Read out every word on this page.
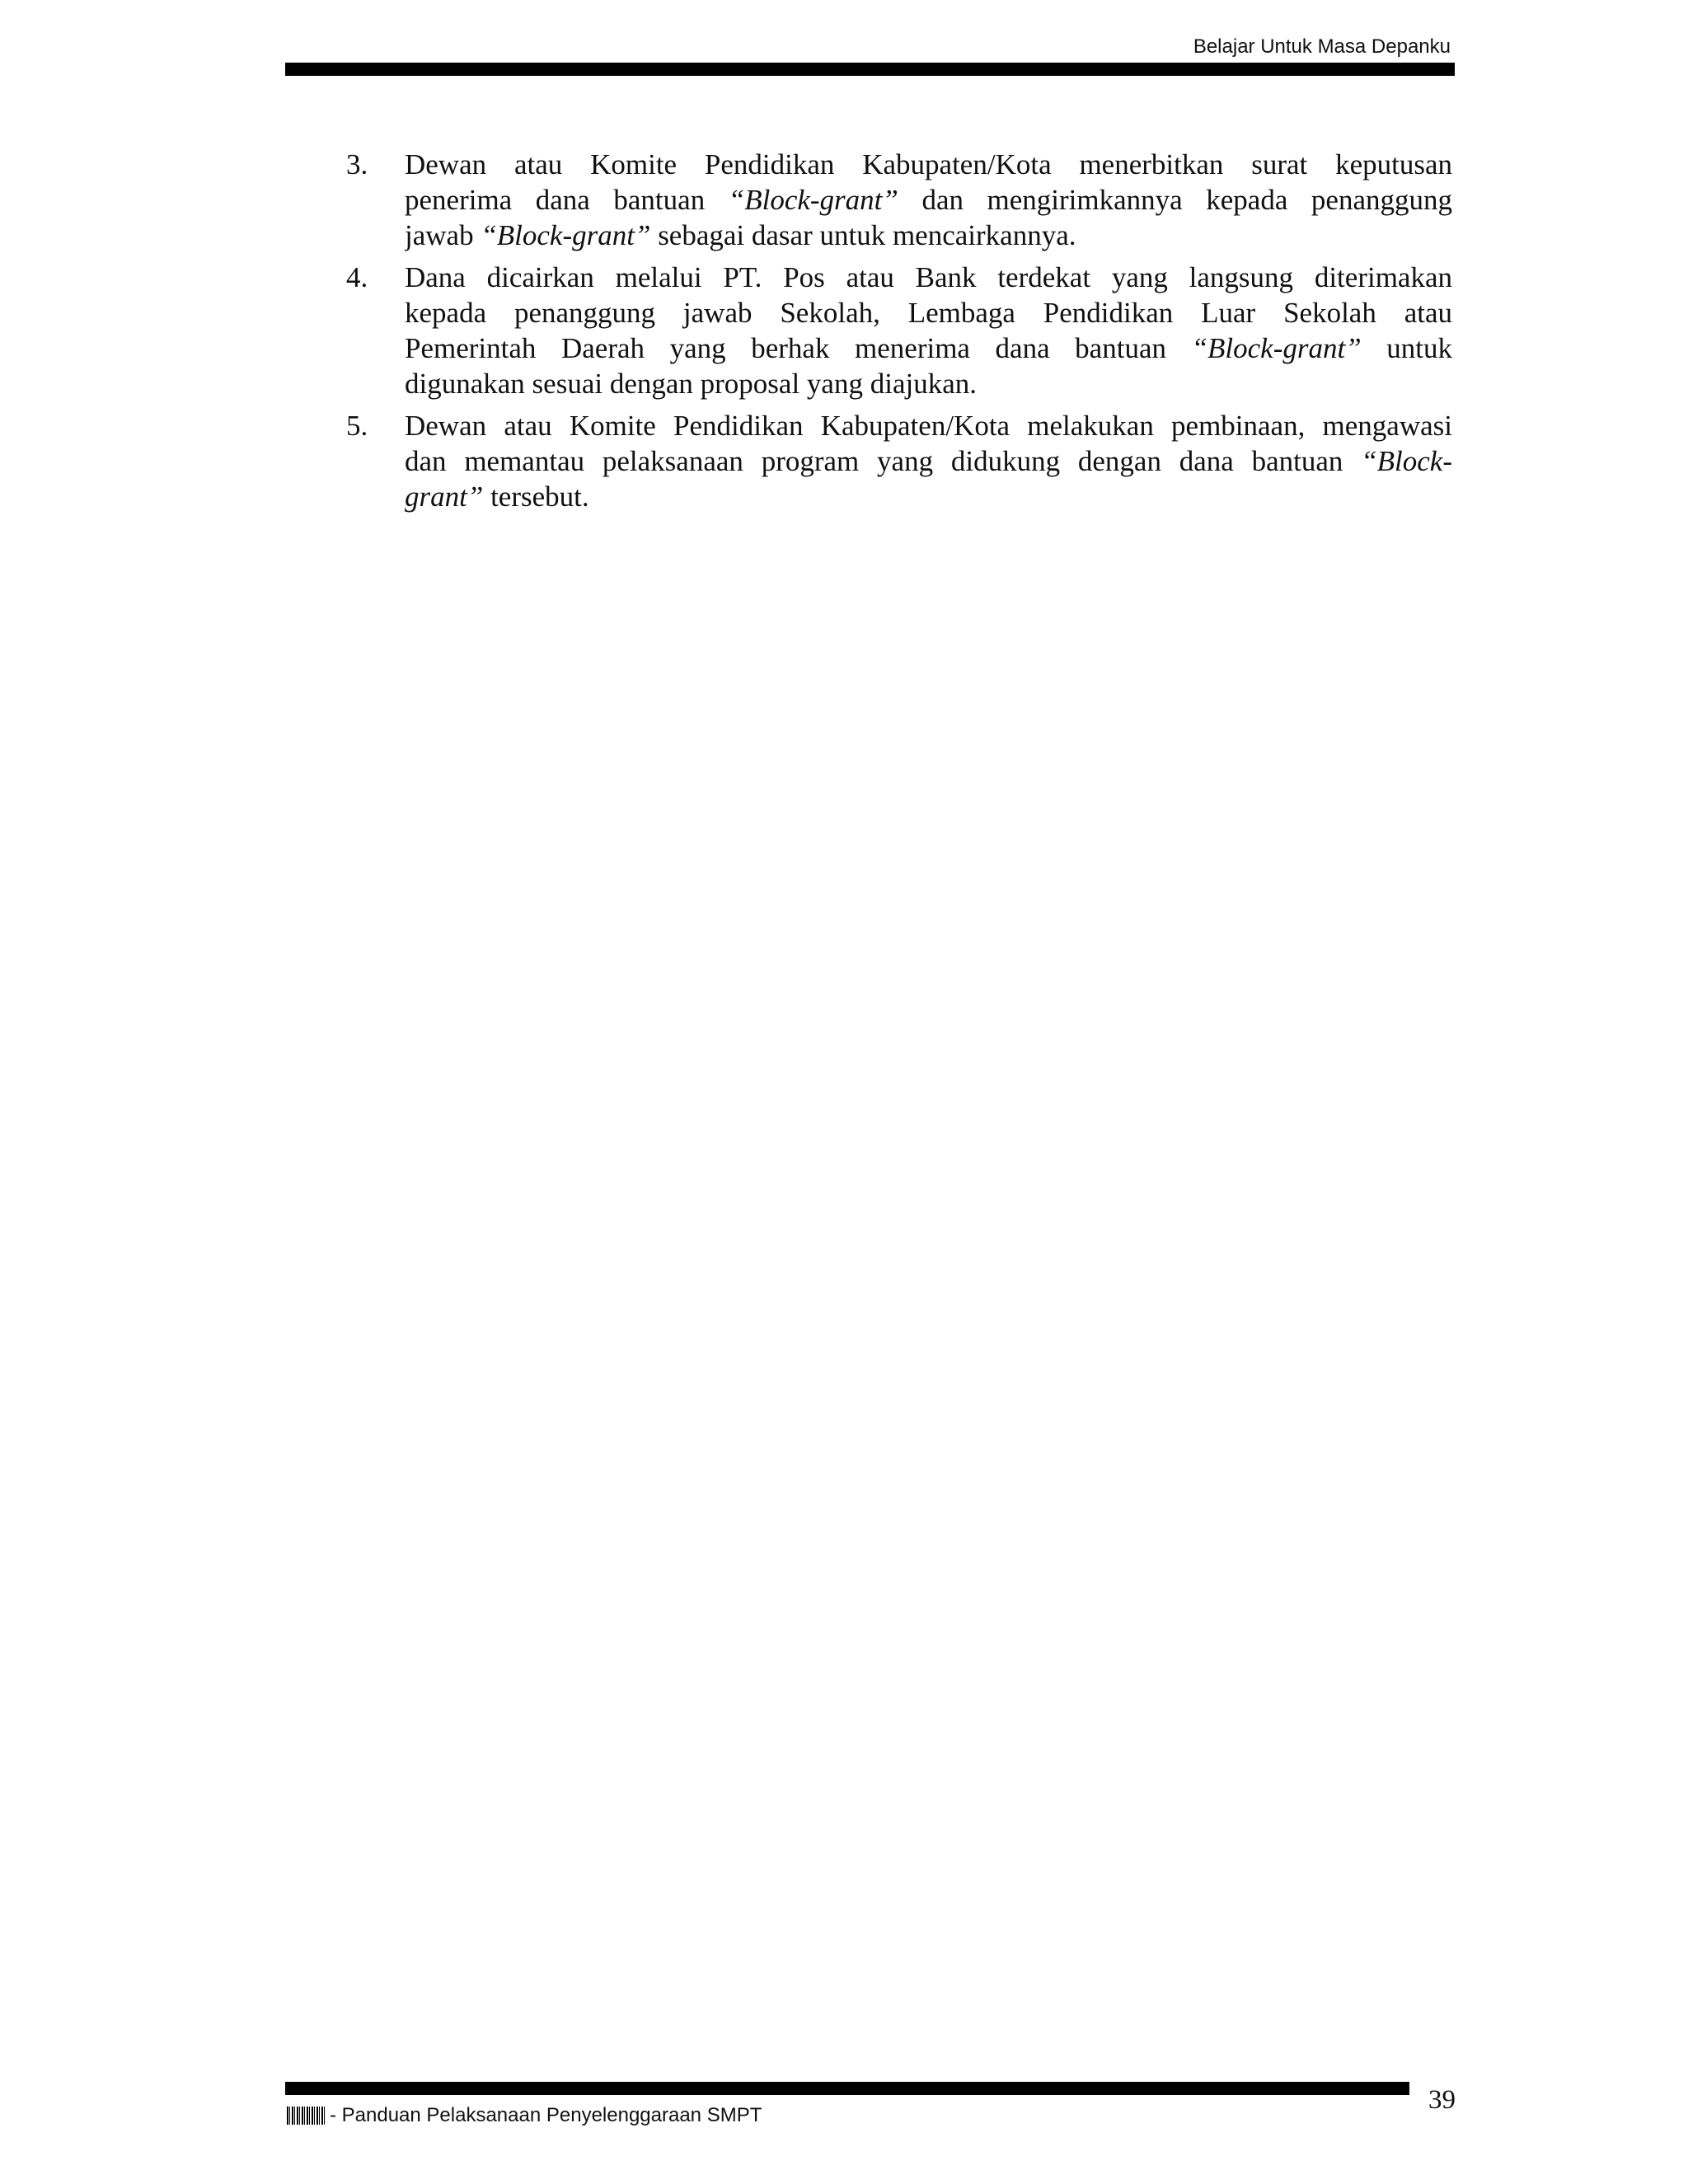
Belajar Untuk Masa Depanku
3. Dewan atau Komite Pendidikan Kabupaten/Kota menerbitkan surat keputusan
penerima dana bantuan “Block-grant” dan mengirimkannya kepada penanggung
jawab “Block-grant” sebagai dasar untuk mencairkannya.
4. Dana dicairkan melalui PT. Pos atau Bank terdekat yang langsung diterimakan
kepada penanggung jawab Sekolah, Lembaga Pendidikan Luar Sekolah atau
Pemerintah Daerah yang berhak menerima dana bantuan “Block-grant” untuk
digunakan sesuai dengan proposal yang diajukan.
5. Dewan atau Komite Pendidikan Kabupaten/Kota melakukan pembinaan, mengawasi
dan memantau pelaksanaan program yang didukung dengan dana bantuan “Block-
grant” tersebut.
39
- Panduan Pelaksanaan Penyelenggaraan SMPT
